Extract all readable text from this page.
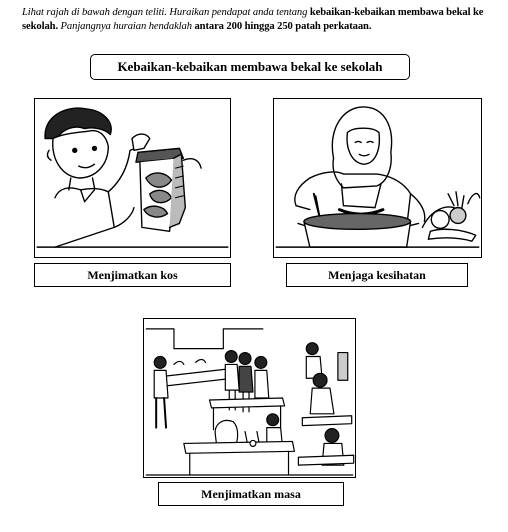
Lihat rajah di bawah dengan teliti. Huraikan pendapat anda tentang kebaikan-kebaikan membawa bekal ke sekolah. Panjangnya huraian hendaklah antara 200 hingga 250 patah perkataan.
Kebaikan-kebaikan membawa bekal ke sekolah
Menjimatkan kos	Menjaga kesihatan
Menjimatkan masa
